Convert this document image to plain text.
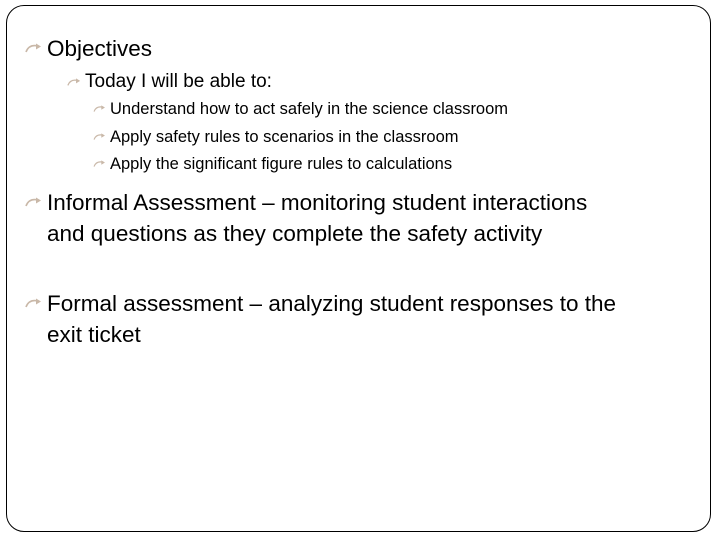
Objectives
Today I will be able to:
Understand how to act safely in the science classroom
Apply safety rules to scenarios in the classroom
Apply the significant figure rules to calculations
Informal Assessment – monitoring student interactions and questions as they complete the safety activity
Formal assessment – analyzing student responses to the exit ticket
